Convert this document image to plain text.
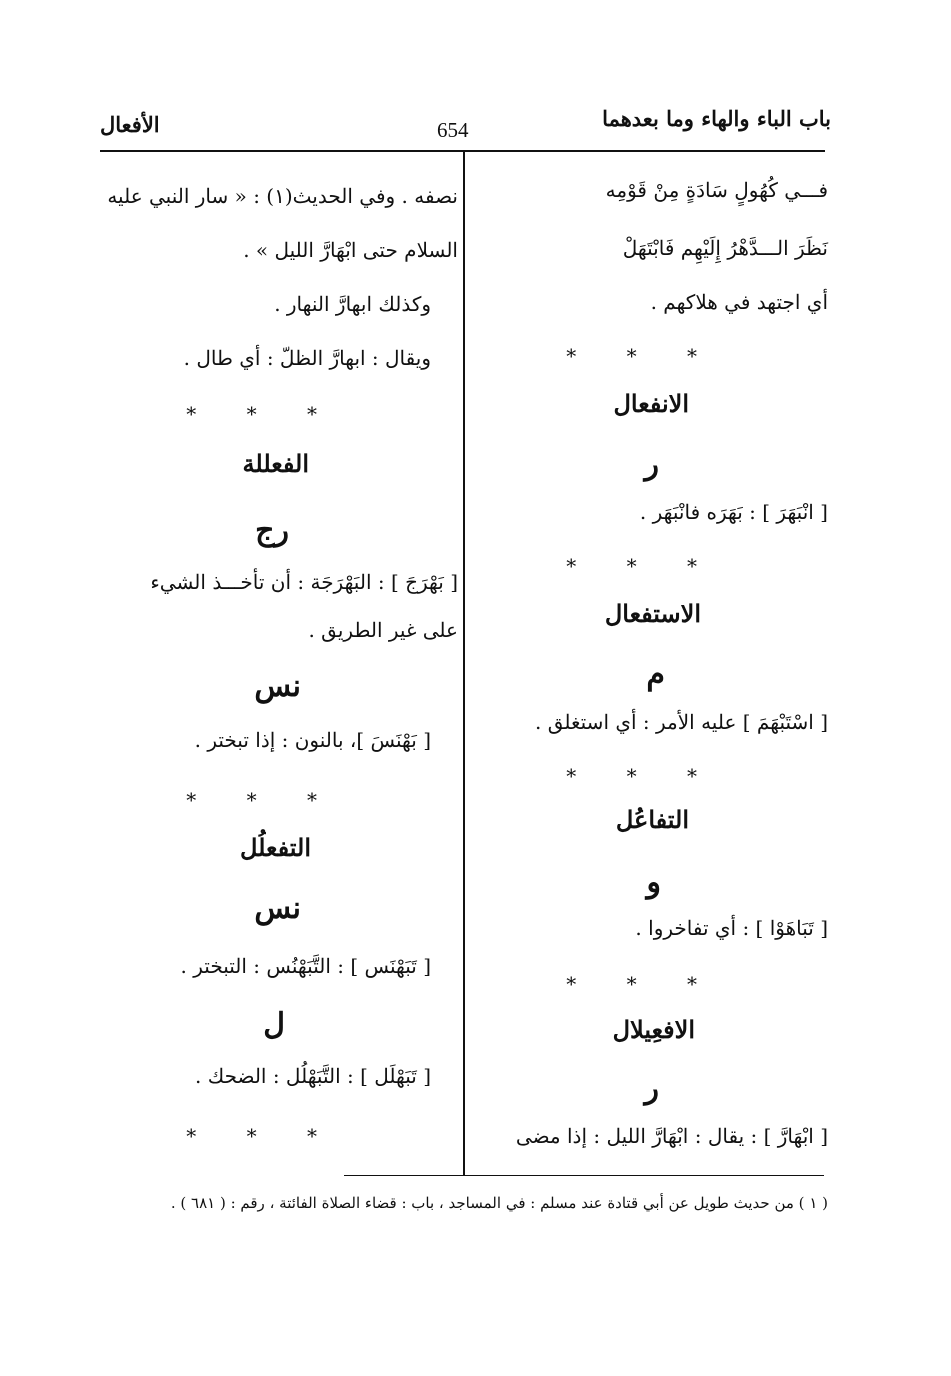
باب الباء والهاء وما بعدهما
654
الأفعال
فـــي كُهُولٍ سَادَةٍ مِنْ قَوْمِه
نَظَرَ الـــدَّهْرُ إِلَيْهِم فَابْتَهَلْ
أي اجتهد في هلاكهم .
* * *
الانفعال
ر
[ انْبَهَرَ ] : بَهَرَه فانْبَهَر .
* * *
الاستفعال
م
[ اسْتَبْهَمَ ] عليه الأمر : أي استغلق .
* * *
التفاعُل
و
[ تَبَاهَوْا ] : أي تفاخروا .
* * *
الافعِيلال
ر
[ ابْهَارَّ ] : يقال : ابْهَارَّ الليل : إذا مضى
نصفه . وفي الحديث(١) : « سار النبي عليه
السلام حتى ابْهَارَّ الليل » .
وكذلك ابهارَّ النهار .
ويقال : ابهارَّ الظلّ : أي طال .
* * *
الفعللة
رج
[ بَهْرَجَ ] : البَهْرَجَة : أن تأخـــذ الشيء
على غير الطريق .
نس
[ بَهْنَسَ ]، بالنون : إذا تبختر .
* * *
التفعلُل
نس
[ تَبَهْنَس ] : التَّبَهْنُس : التبختر .
ل
[ تَبَهْلَل ] : التَّبَهْلُل : الضحك .
* * *
( ١ ) من حديث طويل عن أبي قتادة عند مسلم : في المساجد ، باب : قضاء الصلاة الفائتة ، رقم : ( ٦٨١ ) .
